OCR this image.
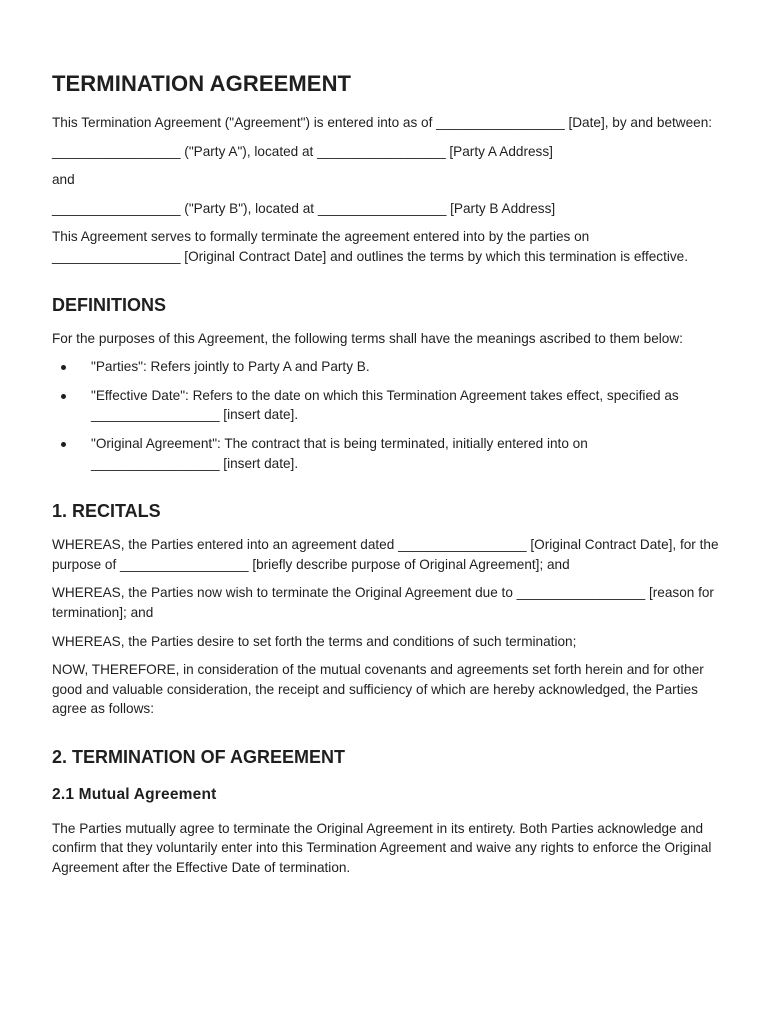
TERMINATION AGREEMENT

This Termination Agreement ("Agreement") is entered into as of _________________ [Date], by and between:

_________________ ("Party A"), located at _________________ [Party A Address]

and

_________________ ("Party B"), located at _________________ [Party B Address]

This Agreement serves to formally terminate the agreement entered into by the parties on _________________ [Original Contract Date] and outlines the terms by which this termination is effective.

DEFINITIONS

For the purposes of this Agreement, the following terms shall have the meanings ascribed to them below:

"Parties": Refers jointly to Party A and Party B.
"Effective Date": Refers to the date on which this Termination Agreement takes effect, specified as _________________ [insert date].
"Original Agreement": The contract that is being terminated, initially entered into on _________________ [insert date].
1. RECITALS

WHEREAS, the Parties entered into an agreement dated _________________ [Original Contract Date], for the purpose of _________________ [briefly describe purpose of Original Agreement]; and

WHEREAS, the Parties now wish to terminate the Original Agreement due to _________________ [reason for termination]; and

WHEREAS, the Parties desire to set forth the terms and conditions of such termination;

NOW, THEREFORE, in consideration of the mutual covenants and agreements set forth herein and for other good and valuable consideration, the receipt and sufficiency of which are hereby acknowledged, the Parties agree as follows:

2. TERMINATION OF AGREEMENT
2.1 Mutual Agreement

The Parties mutually agree to terminate the Original Agreement in its entirety. Both Parties acknowledge and confirm that they voluntarily enter into this Termination Agreement and waive any rights to enforce the Original Agreement after the Effective Date of termination.
